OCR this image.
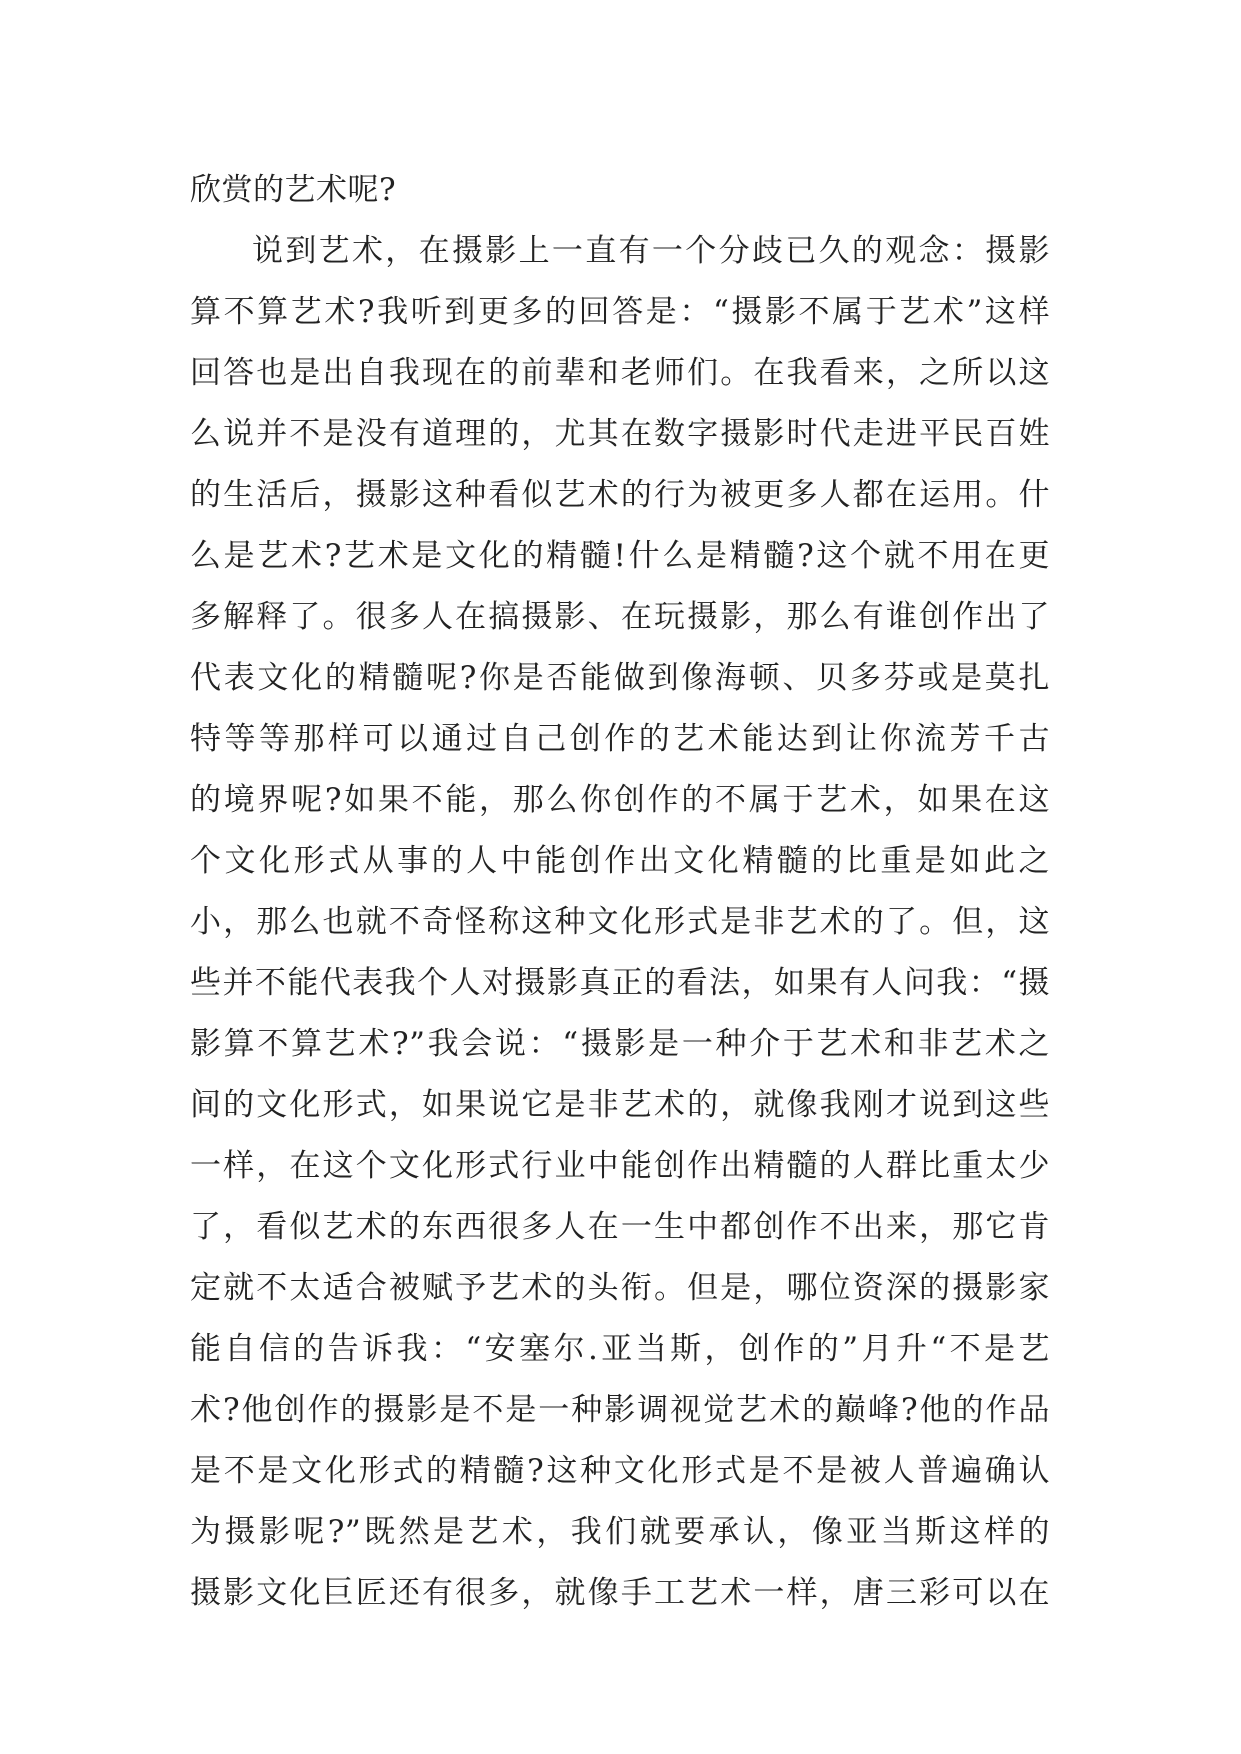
欣赏的艺术呢?
说到艺术，在摄影上一直有一个分歧已久的观念：摄影
算不算艺术?我听到更多的回答是：“摄影不属于艺术”这样
回答也是出自我现在的前辈和老师们。在我看来，之所以这
么说并不是没有道理的，尤其在数字摄影时代走进平民百姓
的生活后，摄影这种看似艺术的行为被更多人都在运用。什
么是艺术?艺术是文化的精髓!什么是精髓?这个就不用在更
多解释了。很多人在搞摄影、在玩摄影，那么有谁创作出了
代表文化的精髓呢?你是否能做到像海顿、贝多芬或是莫扎
特等等那样可以通过自己创作的艺术能达到让你流芳千古
的境界呢?如果不能，那么你创作的不属于艺术，如果在这
个文化形式从事的人中能创作出文化精髓的比重是如此之
小，那么也就不奇怪称这种文化形式是非艺术的了。但，这
些并不能代表我个人对摄影真正的看法，如果有人问我：“摄
影算不算艺术?”我会说：“摄影是一种介于艺术和非艺术之
间的文化形式，如果说它是非艺术的，就像我刚才说到这些
一样，在这个文化形式行业中能创作出精髓的人群比重太少
了，看似艺术的东西很多人在一生中都创作不出来，那它肯
定就不太适合被赋予艺术的头衔。但是，哪位资深的摄影家
能自信的告诉我：“安塞尔.亚当斯，创作的”月升“不是艺
术?他创作的摄影是不是一种影调视觉艺术的巅峰?他的作品
是不是文化形式的精髓?这种文化形式是不是被人普遍确认
为摄影呢?”既然是艺术，我们就要承认，像亚当斯这样的
摄影文化巨匠还有很多，就像手工艺术一样，唐三彩可以在
